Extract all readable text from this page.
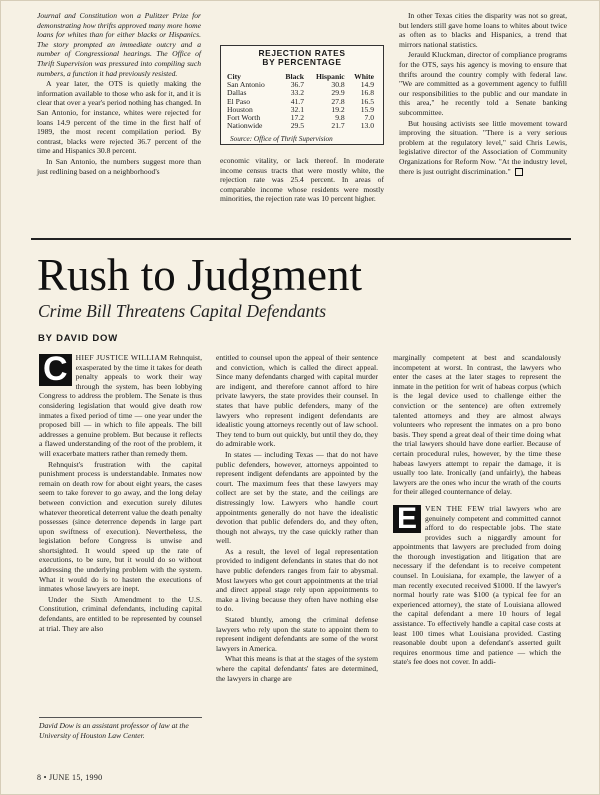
Journal and Constitution won a Pulitzer Prize for demonstrating how thrifts approved many more home loans for whites than for either blacks or Hispanics. The story prompted an immediate outcry and a number of Congressional hearings. The Office of Thrift Supervision was pressured into compiling such numbers, a function it had previously resisted.

A year later, the OTS is quietly making the information available to those who ask for it, and it is clear that over a year's period nothing has changed. In San Antonio, for instance, whites were rejected for loans 14.9 percent of the time in the first half of 1989, the most recent compilation period. By contrast, blacks were rejected 36.7 percent of the time and Hispanics 30.8 percent.

In San Antonio, the numbers suggest more than just redlining based on a neighborhood's

REJECTION RATES
BY PERCENTAGE
City	Black	Hispanic	White
San Antonio	36.7	30.8	14.9
Dallas	33.2	29.9	16.8
El Paso	41.7	27.8	16.5
Houston	32.1	19.2	15.9
Fort Worth	17.2	9.8	7.0
Nationwide	29.5	21.7	13.0
Source: Office of Thrift Supervision

economic vitality, or lack thereof. In moderate income census tracts that were mostly white, the rejection rate was 25.4 percent. In areas of comparable income whose residents were mostly minorities, the rejection rate was 10 percent higher.

In other Texas cities the disparity was not so great, but lenders still gave home loans to whites about twice as often as to blacks and Hispanics, a trend that mirrors national statistics.

Jerauld Kluckman, director of compliance programs for the OTS, says his agency is moving to ensure that thrifts around the country comply with federal law. "We are committed as a government agency to fulfill our responsibilities to the public and our mandate in this area," he recently told a Senate banking subcommittee.

But housing activists see little movement toward improving the situation. "There is a very serious problem at the regulatory level," said Chris Lewis, legislative director of the Association of Community Organizations for Reform Now. "At the industry level, there is just outright discrimination."

Rush to Judgment
Crime Bill Threatens Capital Defendants
BY DAVID DOW

C	HIEF JUSTICE WILLIAM Rehnquist, exasperated by the time it takes for death penalty appeals to work their way through the system, has been lobbying Congress to address the problem. The Senate is thus considering legislation that would give death row inmates a fixed period of time — one year under the proposed bill — in which to file appeals. The bill addresses a genuine problem. But because it reflects a flawed understanding of the root of the problem, it will exacerbate matters rather than remedy them.

Rehnquist's frustration with the capital punishment process is understandable. Inmates now remain on death row for about eight years, the cases seem to take forever to go away, and the long delay between conviction and execution surely dilutes whatever theoretical deterrent value the death penalty possesses (since deterrence depends in large part upon swiftness of execution). Nevertheless, the legislation before Congress is unwise and shortsighted. It would speed up the rate of executions, to be sure, but it would do so without addressing the underlying problem with the system. What it would do is to hasten the executions of inmates whose lawyers are inept.

Under the Sixth Amendment to the U.S. Constitution, criminal defendants, including capital defendants, are entitled to be represented by counsel at trial. They are also

David Dow is an assistant professor of law at the University of Houston Law Center.

entitled to counsel upon the appeal of their sentence and conviction, which is called the direct appeal. Since many defendants charged with capital murder are indigent, and therefore cannot afford to hire private lawyers, the state provides their counsel. In states that have public defenders, many of the lawyers who represent indigent defendants are idealistic young attorneys recently out of law school. They tend to burn out quickly, but until they do, they do admirable work.

In states — including Texas — that do not have public defenders, however, attorneys appointed to represent indigent defendants are appointed by the court. The maximum fees that these lawyers may collect are set by the state, and the ceilings are distressingly low. Lawyers who handle court appointments generally do not have the idealistic devotion that public defenders do, and they often, though not always, try the case quickly rather than well.

As a result, the level of legal representation provided to indigent defendants in states that do not have public defenders ranges from fair to abysmal. Most lawyers who get court appointments at the trial and direct appeal stage rely upon appointments to make a living because they often have nothing else to do.

Stated bluntly, among the criminal defense lawyers who rely upon the state to appoint them to represent indigent defendants are some of the worst lawyers in America.

What this means is that at the stages of the system where the capital defendants' fates are determined, the lawyers in charge are

marginally competent at best and scandalously incompetent at worst. In contrast, the lawyers who enter the cases at the later stages to represent the inmate in the petition for writ of habeas corpus (which is the legal device used to challenge either the conviction or the sentence) are often extremely talented attorneys and they are almost always volunteers who represent the inmates on a pro bono basis. They spend a great deal of their time doing what the trial lawyers should have done earlier. Because of certain procedural rules, however, by the time these habeas lawyers attempt to repair the damage, it is usually too late. Ironically (and unfairly), the habeas lawyers are the ones who incur the wrath of the courts for their alleged counternance of delay.

E	VEN THE FEW trial lawyers who are genuinely competent and committed cannot afford to do respectable jobs. The state provides such a niggardly amount for appointments that lawyers are precluded from doing the thorough investigation and litigation that are necessary if the defendant is to receive competent counsel. In Louisiana, for example, the lawyer of a man recently executed received $1000. If the lawyer's normal hourly rate was $100 (a typical fee for an experienced attorney), the state of Louisiana allowed the capital defendant a mere 10 hours of legal assistance. To effectively handle a capital case costs at least 100 times what Louisiana provided. Casting reasonable doubt upon a defendant's asserted guilt requires enormous time and patience — which the state's fee does not cover. In addi-

8 • JUNE 15, 1990
